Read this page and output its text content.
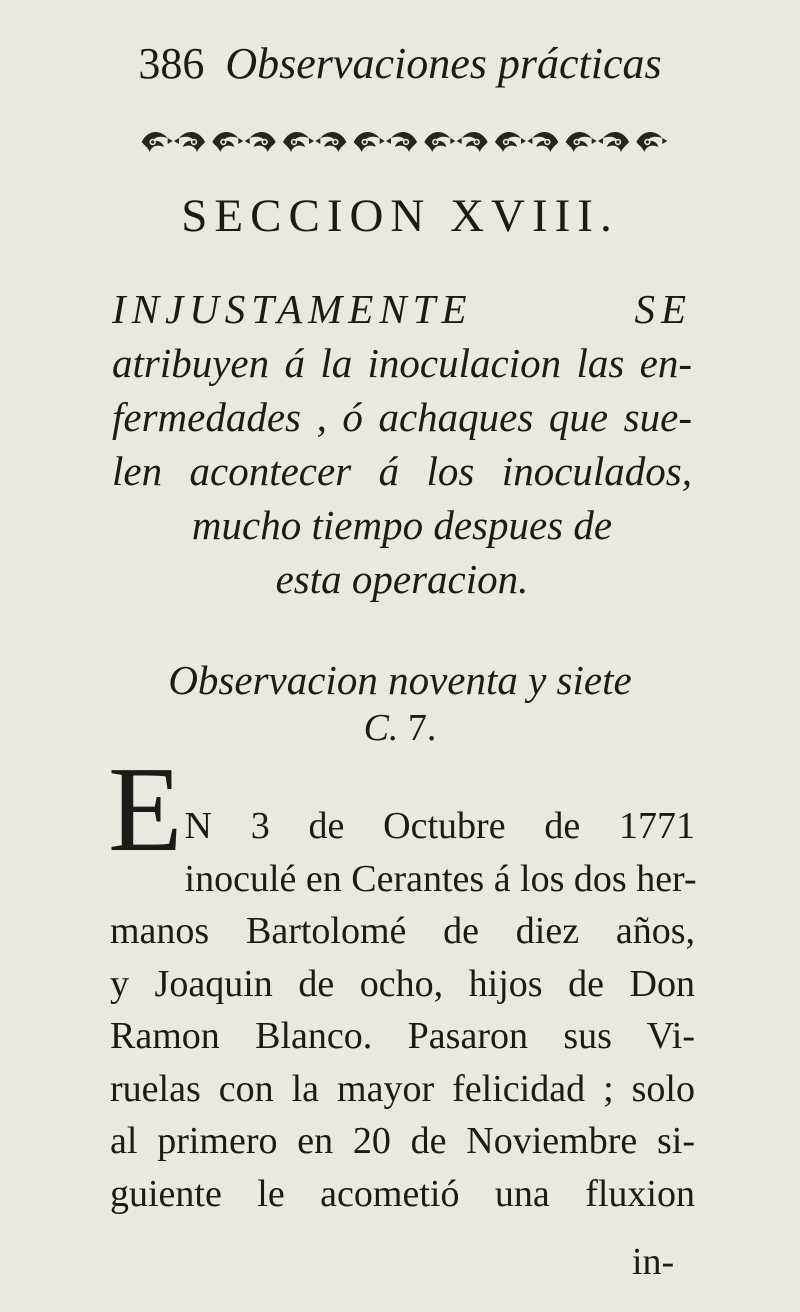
386 Observaciones prácticas
SECCION XVIII.
INJUSTAMENTE SE
atribuyen á la inoculacion las en-
fermedades , ó achaques que sue-
len acontecer á los inoculados,
mucho tiempo despues de
esta operacion.
Observacion noventa y siete
C. 7.
E N 3 de Octubre de 1771
inoculé en Cerantes á los dos her-
manos Bartolomé de diez años,
y Joaquin de ocho, hijos de Don
Ramon Blanco. Pasaron sus Vi-
ruelas con la mayor felicidad ; solo
al primero en 20 de Noviembre si-
guiente le acometió una fluxion
in-
